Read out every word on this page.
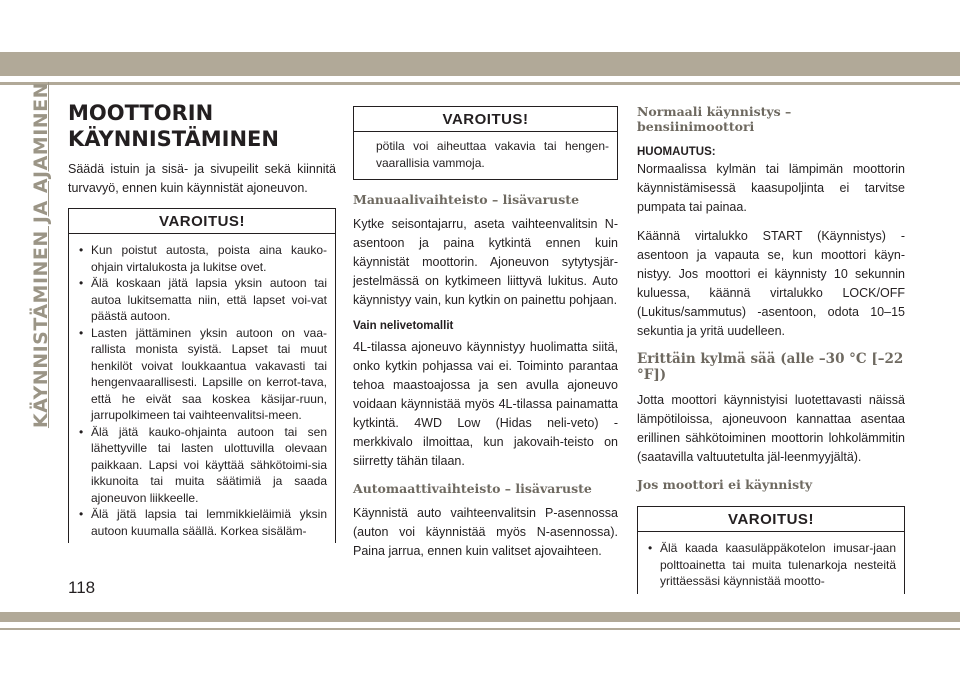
KÄYNNISTÄMINEN JA AJAMINEN MOOTTORIN
KÄYNNISTÄMINEN

Säädä istuin ja sisä- ja sivupeilit sekä kiinnitä turvavyö, ennen kuin käynnistät ajoneuvon.

VAROITUS!
• Kun poistut autosta, poista aina kauko-ohjain virtalukosta ja lukitse ovet.
• Älä koskaan jätä lapsia yksin autoon tai autoa lukitsematta niin, että lapset voi-vat päästä autoon.
• Lasten jättäminen yksin autoon on vaa-rallista monista syistä. Lapset tai muut henkilöt voivat loukkaantua vakavasti tai hengenvaarallisesti. Lapsille on kerrot-tava, että he eivät saa koskea käsijar-ruun, jarrupolkimeen tai vaihteenvalitsi-meen.
• Älä jätä kauko-ohjainta autoon tai sen lähettyville tai lasten ulottuvilla olevaan paikkaan. Lapsi voi käyttää sähkötoimi-sia ikkunoita tai muita säätimiä ja saada ajoneuvon liikkeelle.
• Älä jätä lapsia tai lemmikkieläimiä yksin autoon kuumalla säällä. Korkea sisäläm-
VAROITUS!

pötila voi aiheuttaa vakavia tai hengen-vaarallisia vammoja.

Manuaalivaihteisto – lisävaruste

Kytke seisontajarru, aseta vaihteenvalitsin N-asentoon ja paina kytkintä ennen kuin käynnistät moottorin. Ajoneuvon sytytysjär-jestelmässä on kytkimeen liittyvä lukitus. Auto käynnistyy vain, kun kytkin on painettu pohjaan.

Vain nelivetomallit

4L-tilassa ajoneuvo käynnistyy huolimatta siitä, onko kytkin pohjassa vai ei. Toiminto parantaa tehoa maastoajossa ja sen avulla ajoneuvo voidaan käynnistää myös 4L-tilassa painamatta kytkintä. 4WD Low (Hidas neli-veto) -merkkivalo ilmoittaa, kun jakovaih-teisto on siirretty tähän tilaan.

Automaattivaihteisto – lisävaruste

Käynnistä auto vaihteenvalitsin P-asennossa (auton voi käynnistää myös N-asennossa). Paina jarrua, ennen kuin valitset ajovaihteen.

Normaali käynnistys – bensiinimoottori
HUOMAUTUS:

Normaalissa kylmän tai lämpimän moottorin käynnistämisessä kaasupoljinta ei tarvitse pumpata tai painaa.

Käännä virtalukko START (Käynnistys) -asentoon ja vapauta se, kun moottori käyn-nistyy. Jos moottori ei käynnisty 10 sekunnin kuluessa, käännä virtalukko LOCK/OFF (Lukitus/sammutus) -asentoon, odota 10–15 sekuntia ja yritä uudelleen.

Erittäin kylmä sää (alle –30 °C [–22 °F])

Jotta moottori käynnistyisi luotettavasti näissä lämpötiloissa, ajoneuvoon kannattaa asentaa erillinen sähkötoiminen moottorin lohkolämmitin (saatavilla valtuutetulta jäl-leenmyyjältä).

Jos moottori ei käynnisty
VAROITUS!
• Älä kaada kaasuläppäkotelon imusar-jaan polttoainetta tai muita tulenarkoja nesteitä yrittäessäsi käynnistää mootto-
118
